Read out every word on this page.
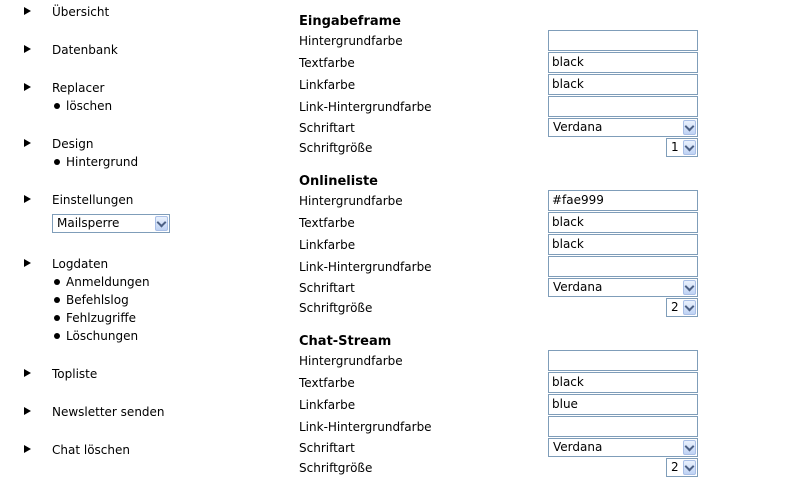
Übersicht
Datenbank
Replacer
löschen
Design
Hintergrund
Einstellungen
Mailsperre
Logdaten
Anmeldungen
Befehlslog
Fehlzugriffe
Löschungen
Topliste
Newsletter senden
Chat löschen
Eingabeframe
Hintergrundfarbe
Textfarbe	black
Linkfarbe	black
Link-Hintergrundfarbe
Schriftart	Verdana
Schriftgröße	1
Onlineliste
Hintergrundfarbe	#fae999
Textfarbe	black
Linkfarbe	black
Link-Hintergrundfarbe
Schriftart	Verdana
Schriftgröße	2
Chat-Stream
Hintergrundfarbe
Textfarbe	black
Linkfarbe	blue
Link-Hintergrundfarbe
Schriftart	Verdana
Schriftgröße	2
